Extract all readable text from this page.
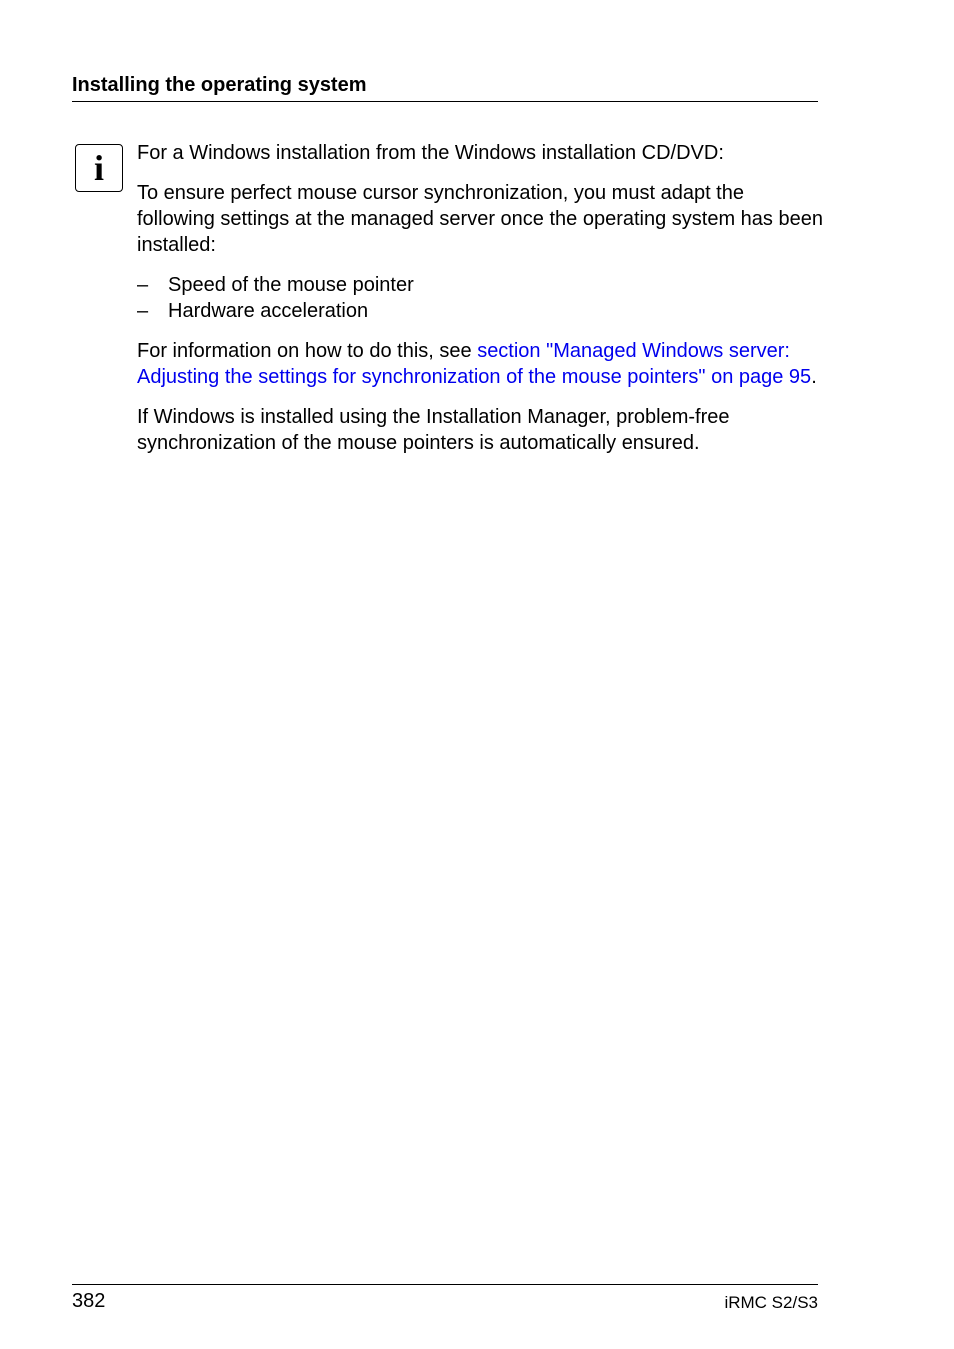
Installing the operating system
i	For a Windows installation from the Windows installation CD/DVD:

To ensure perfect mouse cursor synchronization, you must adapt the following settings at the managed server once the operating system has been installed:

– Speed of the mouse pointer
– Hardware acceleration

For information on how to do this, see section "Managed Windows server: Adjusting the settings for synchronization of the mouse pointers" on page 95.

If Windows is installed using the Installation Manager, problem-free synchronization of the mouse pointers is automatically ensured.

382	iRMC S2/S3
